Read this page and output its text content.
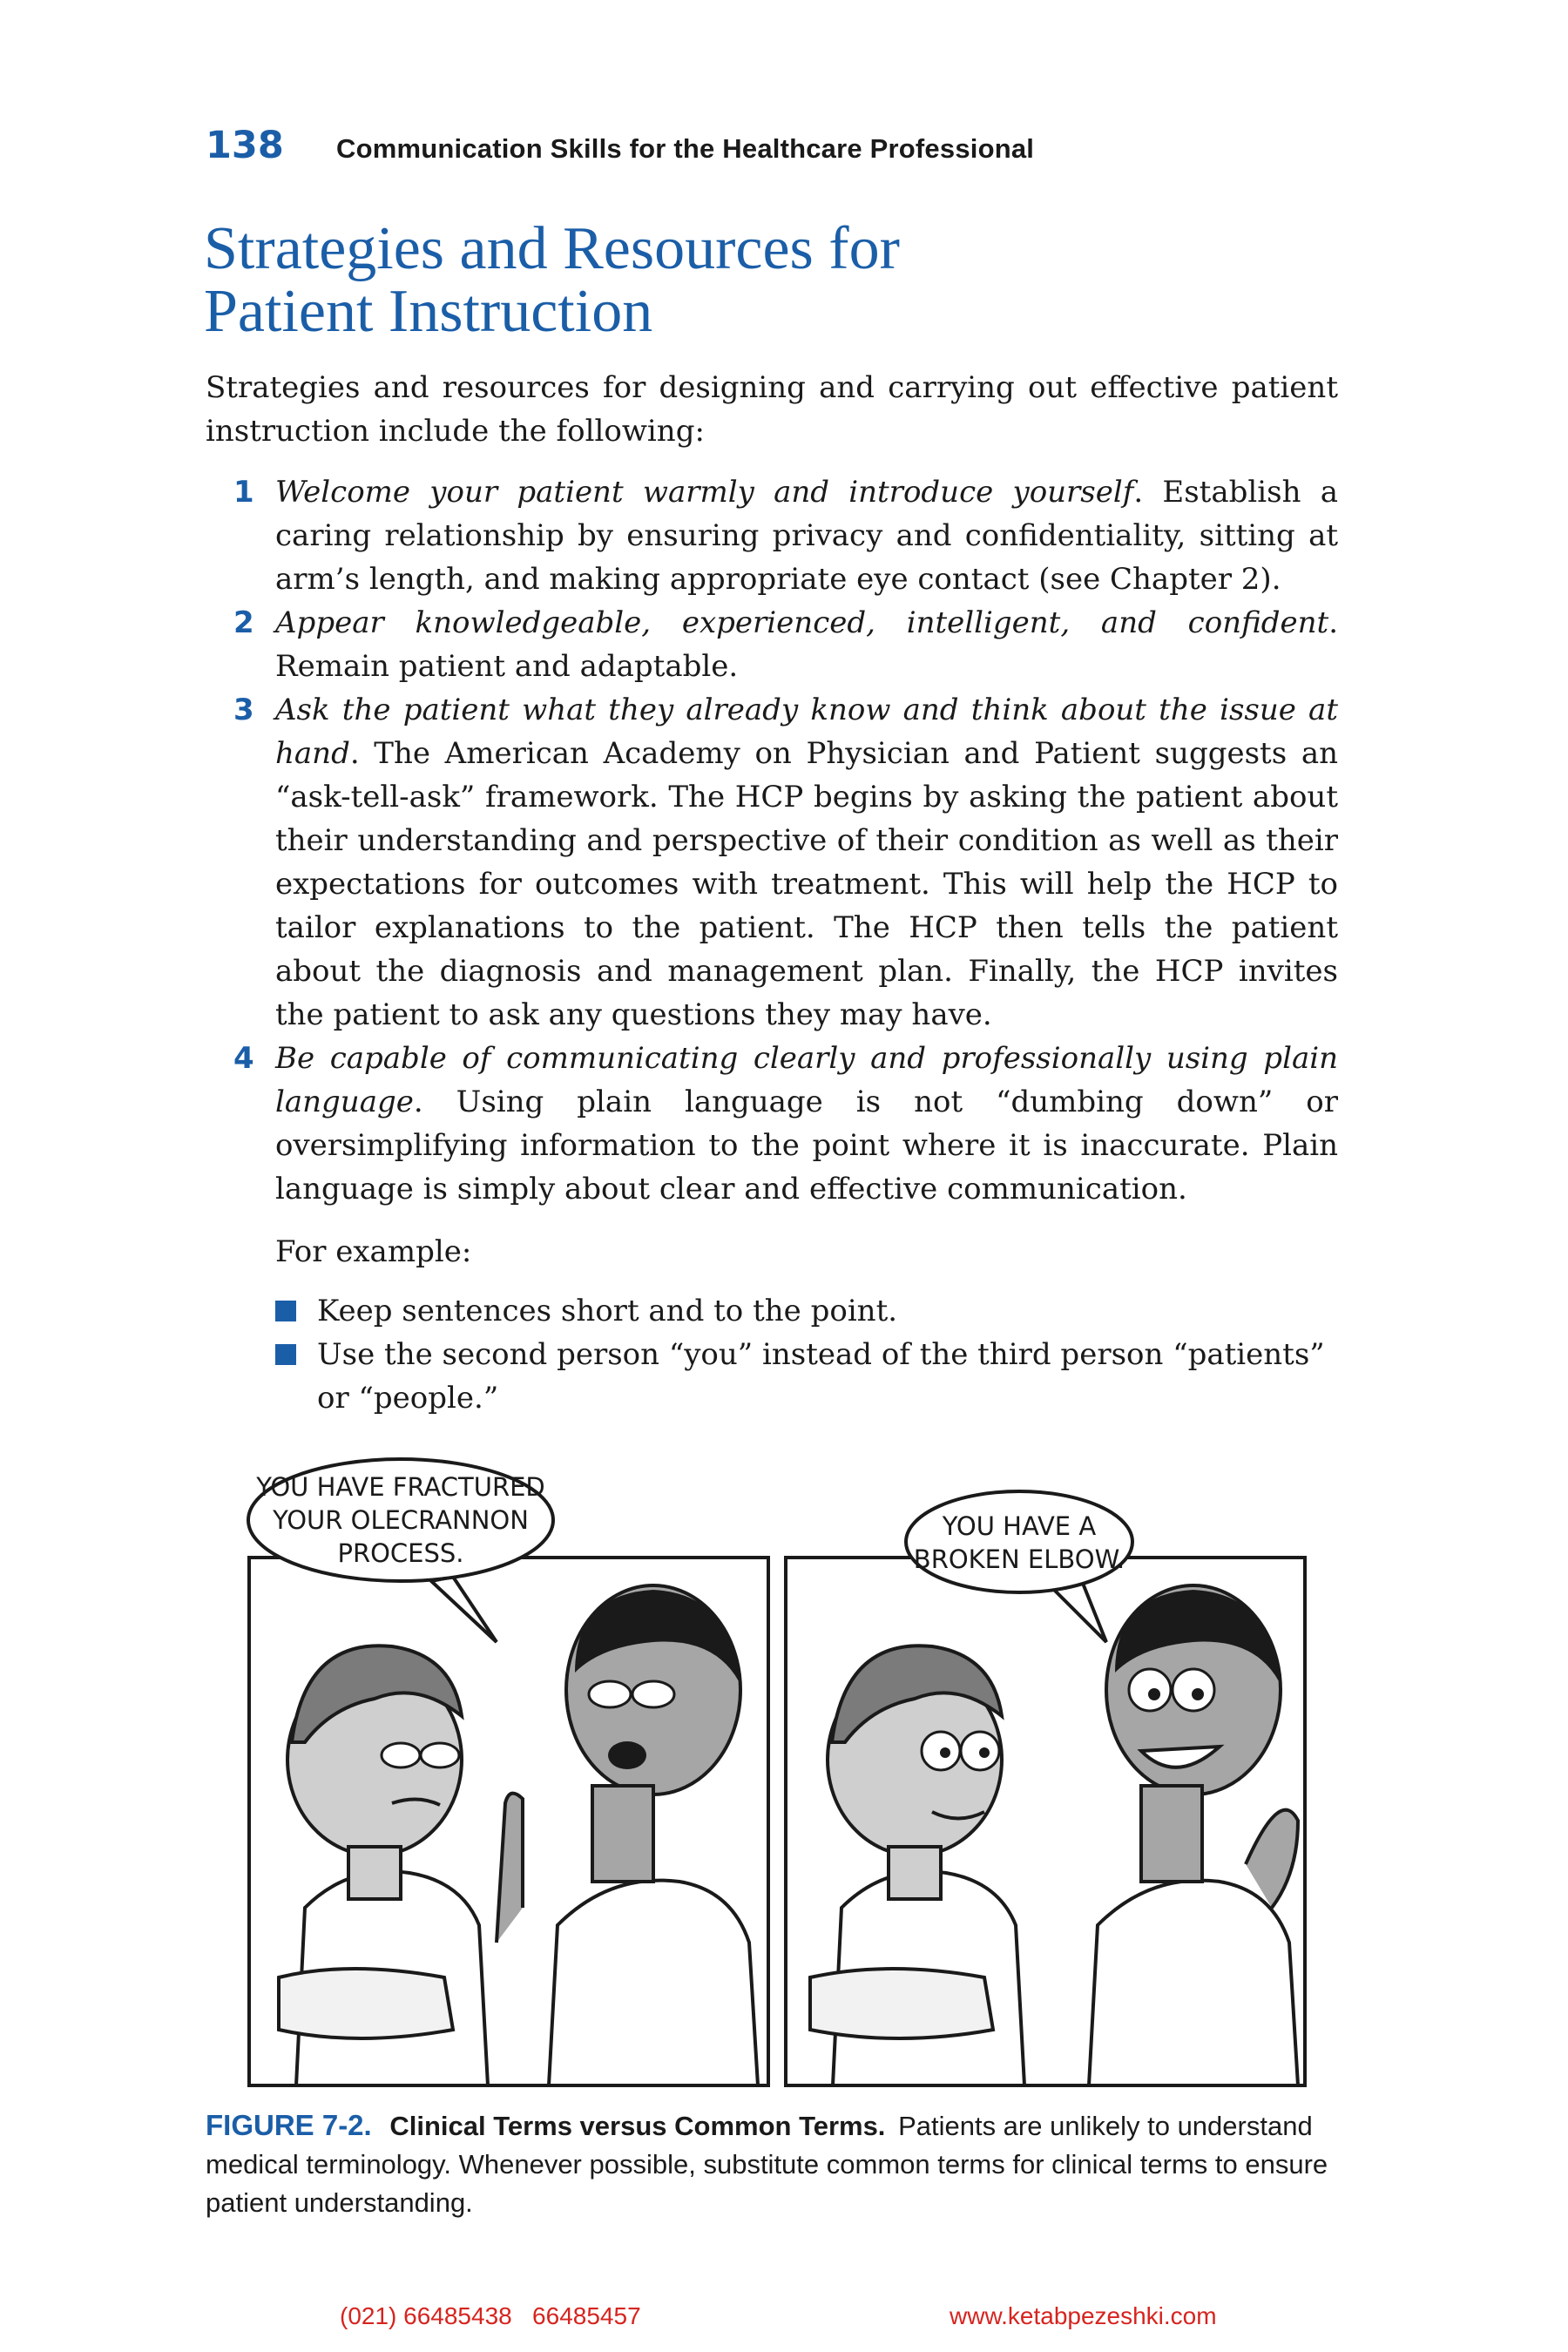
138	Communication Skills for the Healthcare Professional
Strategies and Resources for
Patient Instruction

Strategies and resources for designing and carrying out effective patient instruction include the following:

1 Welcome your patient warmly and introduce yourself. Establish a caring relationship by ensuring privacy and confidentiality, sitting at arm’s length, and making appropriate eye contact (see Chapter 2).
2 Appear knowledgeable, experienced, intelligent, and confident. Remain patient and adaptable.
3 Ask the patient what they already know and think about the issue at hand. The American Academy on Physician and Patient suggests an “ask-tell-ask” framework. The HCP begins by asking the patient about their understanding and perspective of their condition as well as their expectations for outcomes with treatment. This will help the HCP to tailor explanations to the patient. The HCP then tells the patient about the diagnosis and management plan. Finally, the HCP invites the patient to ask any questions they may have.
4 Be capable of communicating clearly and professionally using plain language. Using plain language is not “dumbing down” or oversimplifying information to the point where it is inaccurate. Plain language is simply about clear and effective communication.
For example:
Keep sentences short and to the point.
Use the second person “you” instead of the third person “patients” or “people.”
YOU HAVE FRACTURED
YOUR OLECRANNON
PROCESS.
YOU HAVE A
BROKEN ELBOW.
FIGURE 7-2. Clinical Terms versus Common Terms. Patients are unlikely to understand medical terminology. Whenever possible, substitute common terms for clinical terms to ensure patient understanding.
(021) 66485438   66485457	www.ketabpezeshki.com
